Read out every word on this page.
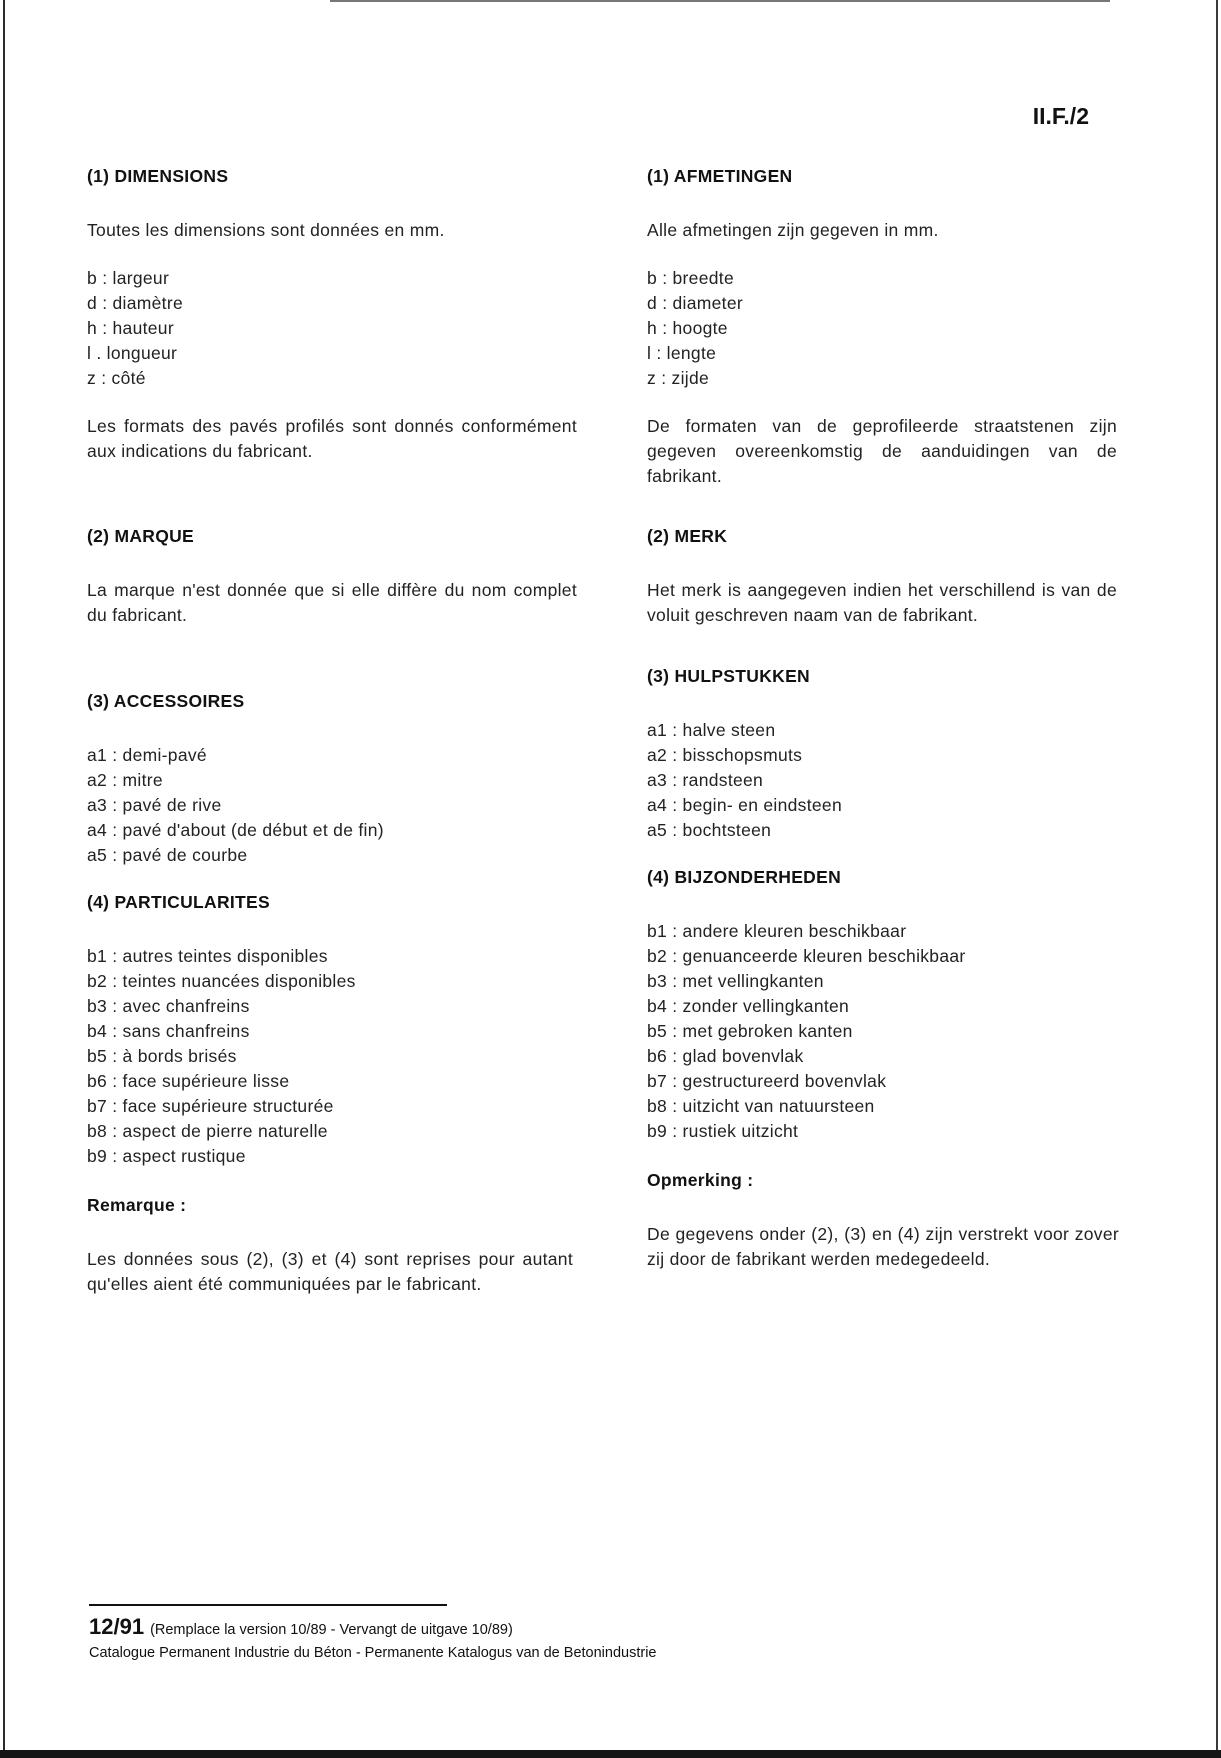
II.F./2
(1) DIMENSIONS

Toutes les dimensions sont données en mm.

b : largeur
d : diamètre
h : hauteur
l . longueur
z : côté

Les formats des pavés profilés sont donnés conformément aux indications du fabricant.

(2) MARQUE

La marque n'est donnée que si elle diffère du nom complet du fabricant.

(3) ACCESSOIRES
a1 : demi-pavé
a2 : mitre
a3 : pavé de rive
a4 : pavé d'about (de début et de fin)
a5 : pavé de courbe
(4) PARTICULARITES
b1 : autres teintes disponibles
b2 : teintes nuancées disponibles
b3 : avec chanfreins
b4 : sans chanfreins
b5 : à bords brisés
b6 : face supérieure lisse
b7 : face supérieure structurée
b8 : aspect de pierre naturelle
b9 : aspect rustique
Remarque :

Les données sous (2), (3) et (4) sont reprises pour autant qu'elles aient été communiquées par le fabricant.

(1) AFMETINGEN

Alle afmetingen zijn gegeven in mm.

b : breedte
d : diameter
h : hoogte
l : lengte
z : zijde

De formaten van de geprofileerde straatstenen zijn gegeven overeenkomstig de aanduidingen van de fabrikant.

(2) MERK

Het merk is aangegeven indien het verschillend is van de voluit geschreven naam van de fabrikant.

(3) HULPSTUKKEN
a1 : halve steen
a2 : bisschopsmuts
a3 : randsteen
a4 : begin- en eindsteen
a5 : bochtsteen
(4) BIJZONDERHEDEN
b1 : andere kleuren beschikbaar
b2 : genuanceerde kleuren beschikbaar
b3 : met vellingkanten
b4 : zonder vellingkanten
b5 : met gebroken kanten
b6 : glad bovenvlak
b7 : gestructureerd bovenvlak
b8 : uitzicht van natuursteen
b9 : rustiek uitzicht
Opmerking :

De gegevens onder (2), (3) en (4) zijn verstrekt voor zover zij door de fabrikant werden medegedeeld.

12/91 (Remplace la version 10/89 - Vervangt de uitgave 10/89)
Catalogue Permanent Industrie du Béton - Permanente Katalogus van de Betonindustrie
